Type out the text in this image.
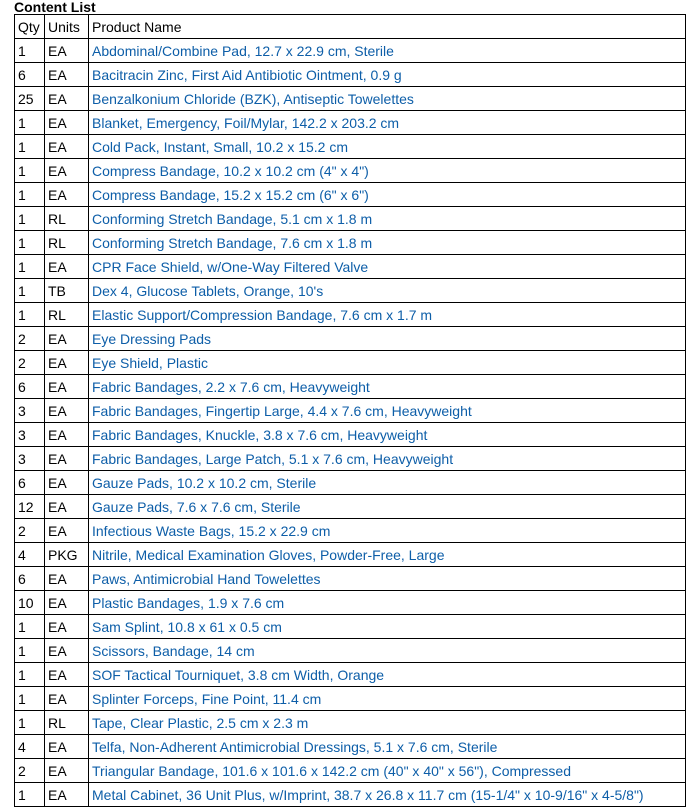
Content List
Qty	Units	Product Name
1	EA	Abdominal/Combine Pad, 12.7 x 22.9 cm, Sterile
6	EA	Bacitracin Zinc, First Aid Antibiotic Ointment, 0.9 g
25	EA	Benzalkonium Chloride (BZK), Antiseptic Towelettes
1	EA	Blanket, Emergency, Foil/Mylar, 142.2 x 203.2 cm
1	EA	Cold Pack, Instant, Small, 10.2 x 15.2 cm
1	EA	Compress Bandage, 10.2 x 10.2 cm (4" x 4")
1	EA	Compress Bandage, 15.2 x 15.2 cm (6" x 6")
1	RL	Conforming Stretch Bandage, 5.1 cm x 1.8 m
1	RL	Conforming Stretch Bandage, 7.6 cm x 1.8 m
1	EA	CPR Face Shield, w/One-Way Filtered Valve
1	TB	Dex 4, Glucose Tablets, Orange, 10's
1	RL	Elastic Support/Compression Bandage, 7.6 cm x 1.7 m
2	EA	Eye Dressing Pads
2	EA	Eye Shield, Plastic
6	EA	Fabric Bandages, 2.2 x 7.6 cm, Heavyweight
3	EA	Fabric Bandages, Fingertip Large, 4.4 x 7.6 cm, Heavyweight
3	EA	Fabric Bandages, Knuckle, 3.8 x 7.6 cm, Heavyweight
3	EA	Fabric Bandages, Large Patch, 5.1 x 7.6 cm, Heavyweight
6	EA	Gauze Pads, 10.2 x 10.2 cm, Sterile
12	EA	Gauze Pads, 7.6 x 7.6 cm, Sterile
2	EA	Infectious Waste Bags, 15.2 x 22.9 cm
4	PKG	Nitrile, Medical Examination Gloves, Powder-Free, Large
6	EA	Paws, Antimicrobial Hand Towelettes
10	EA	Plastic Bandages, 1.9 x 7.6 cm
1	EA	Sam Splint, 10.8 x 61 x 0.5 cm
1	EA	Scissors, Bandage, 14 cm
1	EA	SOF Tactical Tourniquet, 3.8 cm Width, Orange
1	EA	Splinter Forceps, Fine Point, 11.4 cm
1	RL	Tape, Clear Plastic, 2.5 cm x 2.3 m
4	EA	Telfa, Non-Adherent Antimicrobial Dressings, 5.1 x 7.6 cm, Sterile
2	EA	Triangular Bandage, 101.6 x 101.6 x 142.2 cm (40" x 40" x 56"), Compressed
1	EA	Metal Cabinet, 36 Unit Plus, w/Imprint, 38.7 x 26.8 x 11.7 cm (15-1/4" x 10-9/16" x 4-5/8")
